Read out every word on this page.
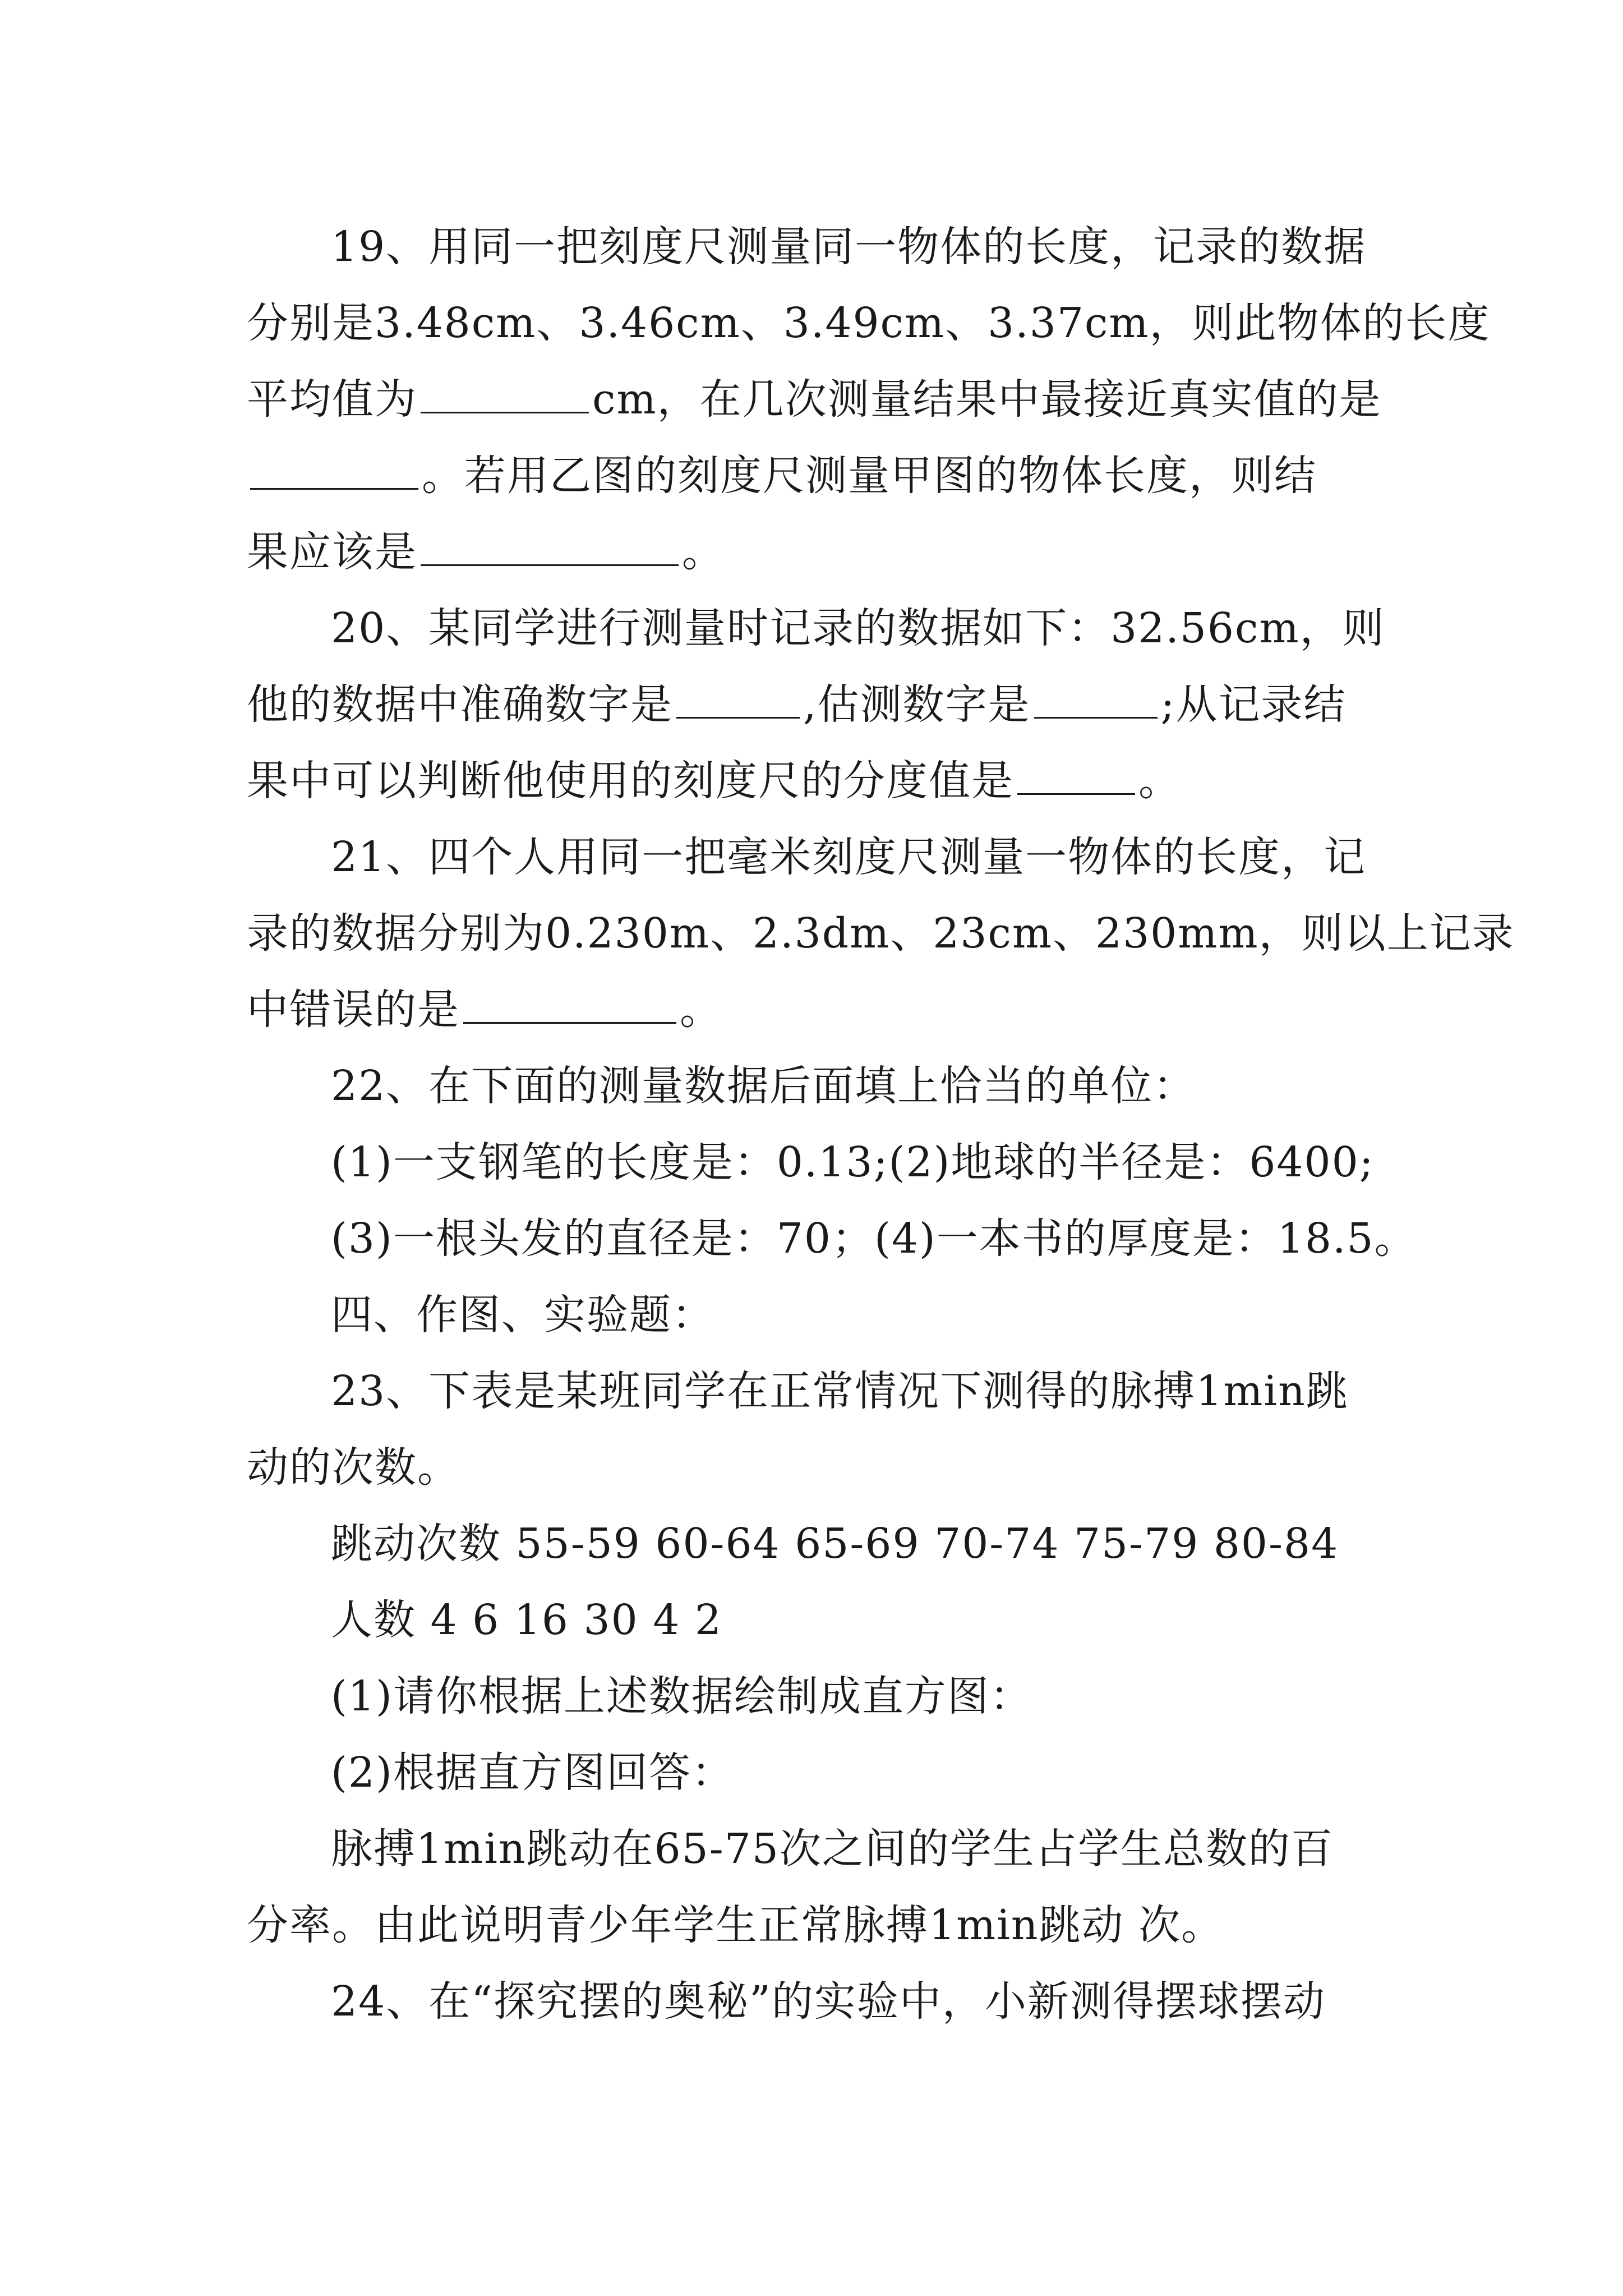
19、用同一把刻度尺测量同一物体的长度，记录的数据
分别是3.48cm、3.46cm、3.49cm、3.37cm，则此物体的长度
平均值为	cm，在几次测量结果中最接近真实值的是
。若用乙图的刻度尺测量甲图的物体长度，则结
果应该是	。
20、某同学进行测量时记录的数据如下：32.56cm，则
他的数据中准确数字是	,估测数字是	;从记录结
果中可以判断他使用的刻度尺的分度值是	。
21、四个人用同一把毫米刻度尺测量一物体的长度，记
录的数据分别为0.230m、2.3dm、23cm、230mm，则以上记录
中错误的是	。
22、在下面的测量数据后面填上恰当的单位：
(1)一支钢笔的长度是：0.13;(2)地球的半径是：6400;
(3)一根头发的直径是：70；(4)一本书的厚度是：18.5。
四、作图、实验题：
23、下表是某班同学在正常情况下测得的脉搏1min跳
动的次数。
跳动次数 55-59 60-64 65-69 70-74 75-79 80-84
人数 4 6 16 30 4 2
(1)请你根据上述数据绘制成直方图：
(2)根据直方图回答：
脉搏1min跳动在65-75次之间的学生占学生总数的百
分率。由此说明青少年学生正常脉搏1min跳动 次。
24、在“探究摆的奥秘”的实验中，小新测得摆球摆动
